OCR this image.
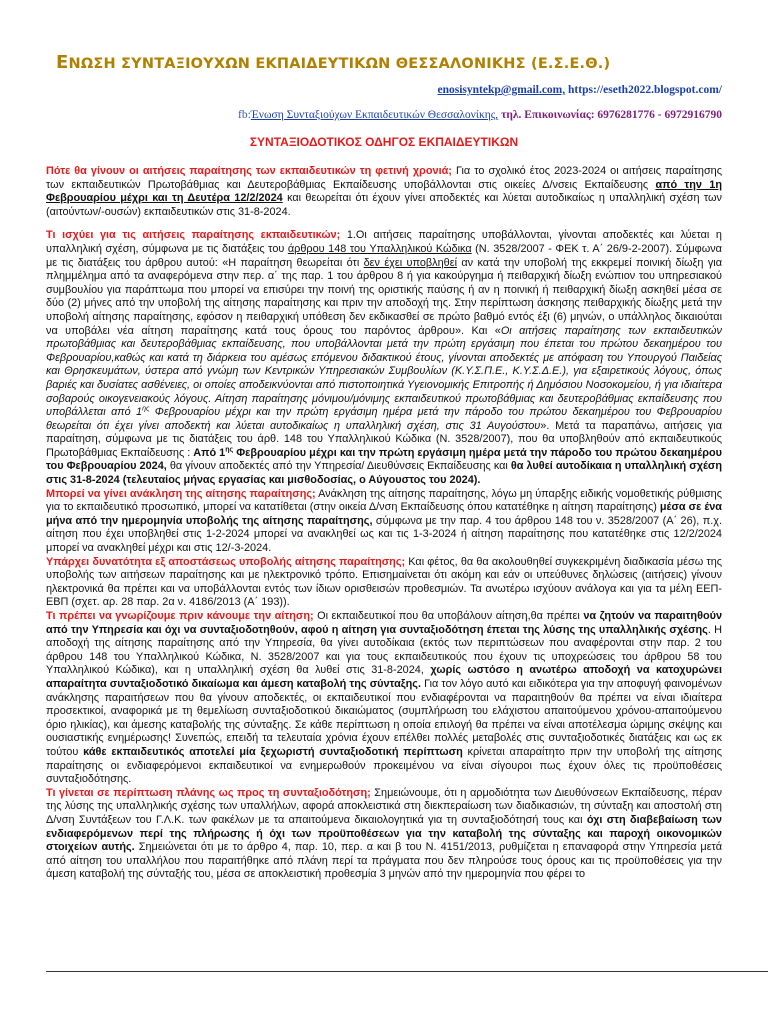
ΕΝΩΣΗ ΣΥΝΤΑΞΙΟΥΧΩΝ ΕΚΠΑΙΔΕΥΤΙΚΩΝ ΘΕΣΣΑΛΟΝΙΚΗΣ (Ε.Σ.Ε.Θ.)
enosisyntekp@gmail.com, https://eseth2022.blogspot.com/
fb:Ένωση Συνταξιούχων Εκπαιδευτικών Θεσσαλονίκης, τηλ. Επικοινωνίας: 6976281776 - 6972916790
ΣΥΝΤΑΞΙΟΔΟΤΙΚΟΣ ΟΔΗΓΟΣ ΕΚΠΑΙΔΕΥΤΙΚΩΝ

Πότε θα γίνουν οι αιτήσεις παραίτησης των εκπαιδευτικών τη φετινή χρονιά; Για το σχολικό έτος 2023-2024 οι αιτήσεις παραίτησης των εκπαιδευτικών Πρωτοβάθμιας και Δευτεροβάθμιας Εκπαίδευσης υποβάλλονται στις οικείες Δ/νσεις Εκπαίδευσης από την 1η Φεβρουαρίου μέχρι και τη Δευτέρα 12/2/2024 και θεωρείται ότι έχουν γίνει αποδεκτές και λύεται αυτοδικαίως η υπαλληλική σχέση των (αιτούντων/-ουσών) εκπαιδευτικών στις 31-8-2024.

Τι ισχύει για τις αιτήσεις παραίτησης εκπαιδευτικών; 1.Οι αιτήσεις παραίτησης υποβάλλονται, γίνονται αποδεκτές και λύεται η υπαλληλική σχέση, σύμφωνα με τις διατάξεις του άρθρου 148 του Υπαλληλικού Κώδικα (Ν. 3528/2007 - ΦΕΚ τ. Α΄ 26/9-2-2007). Σύμφωνα με τις διατάξεις του άρθρου αυτού: «Η παραίτηση θεωρείται ότι δεν έχει υποβληθεί αν κατά την υποβολή της εκκρεμεί ποινική δίωξη για πλημμέλημα από τα αναφερόμενα στην περ. α΄ της παρ. 1 του άρθρου 8 ή για κακούργημα ή πειθαρχική δίωξη ενώπιον του υπηρεσιακού συμβουλίου για παράπτωμα που μπορεί να επισύρει την ποινή της οριστικής παύσης ή αν η ποινική ή πειθαρχική δίωξη ασκηθεί μέσα σε δύο (2) μήνες από την υποβολή της αίτησης παραίτησης και πριν την αποδοχή της. Στην περίπτωση άσκησης πειθαρχικής δίωξης μετά την υποβολή αίτησης παραίτησης, εφόσον η πειθαρχική υπόθεση δεν εκδικασθεί σε πρώτο βαθμό εντός έξι (6) μηνών, ο υπάλληλος δικαιούται να υποβάλει νέα αίτηση παραίτησης κατά τους όρους του παρόντος άρθρου». Και «Οι αιτήσεις παραίτησης των εκπαιδευτικών πρωτοβάθμιας και δευτεροβάθμιας εκπαίδευσης, που υποβάλλονται μετά την πρώτη εργάσιμη που έπεται του πρώτου δεκαημέρου του Φεβρουαρίου,καθώς και κατά τη διάρκεια του αμέσως επόμενου διδακτικού έτους, γίνονται αποδεκτές με απόφαση του Υπουργού Παιδείας και Θρησκευμάτων, ύστερα από γνώμη των Κεντρικών Υπηρεσιακών Συμβουλίων (Κ.Υ.Σ.Π.Ε., Κ.Υ.Σ.Δ.Ε.), για εξαιρετικούς λόγους, όπως βαριές και δυσίατες ασθένειες, οι οποίες αποδεικνύονται από πιστοποιητικά Υγειονομικής Επιτροπής ή Δημόσιου Νοσοκομείου, ή για ιδιαίτερα σοβαρούς οικογενειακούς λόγους. Αίτηση παραίτησης μόνιμου/μόνιμης εκπαιδευτικού πρωτοβάθμιας και δευτεροβάθμιας εκπαίδευσης που υποβάλλεται από $1^{\eta\varsigma}$ Φεβρουαρίου μέχρι και την πρώτη εργάσιμη ημέρα μετά την πάροδο του πρώτου δεκαημέρου του Φεβρουαρίου θεωρείται ότι έχει γίνει αποδεκτή και λύεται αυτοδικαίως η υπαλληλική σχέση, στις 31 Αυγούστου». Μετά τα παραπάνω, αιτήσεις για παραίτηση, σύμφωνα με τις διατάξεις του άρθ. 148 του Υπαλληλικού Κώδικα (Ν. 3528/2007), που θα υποβληθούν από εκπαιδευτικούς Πρωτοβάθμιας Εκπαίδευσης : Από $1^{\eta\varsigma}$ Φεβρουαρίου μέχρι και την πρώτη εργάσιμη ημέρα μετά την πάροδο του πρώτου δεκαημέρου του Φεβρουαρίου 2024, θα γίνουν αποδεκτές από την Υπηρεσία/ Διευθύνσεις Εκπαίδευσης και θα λυθεί αυτοδίκαια η υπαλληλική σχέση στις 31-8-2024 (τελευταίος μήνας εργασίας και μισθοδοσίας, ο Αύγουστος του 2024).

Μπορεί να γίνει ανάκληση της αίτησης παραίτησης; Ανάκληση της αίτησης παραίτησης, λόγω μη ύπαρξης ειδικής νομοθετικής ρύθμισης για το εκπαιδευτικό προσωπικό, μπορεί να κατατίθεται (στην οικεία Δ/νση Εκπαίδευσης όπου κατατέθηκε η αίτηση παραίτησης) μέσα σε ένα μήνα από την ημερομηνία υποβολής της αίτησης παραίτησης, σύμφωνα με την παρ. 4 του άρθρου 148 του ν. 3528/2007 (Α΄ 26), π.χ. αίτηση που έχει υποβληθεί στις 1-2-2024 μπορεί να ανακληθεί ως και τις 1-3-2024 ή αίτηση παραίτησης που κατατέθηκε στις 12/2/2024 μπορεί να ανακληθεί μέχρι και στις 12/-3-2024.

Υπάρχει δυνατότητα εξ αποστάσεως υποβολής αίτησης παραίτησης; Και φέτος, θα θα ακολουθηθεί συγκεκριμένη διαδικασία μέσω της υποβολής των αιτήσεων παραίτησης και με ηλεκτρονικό τρόπο. Επισημαίνεται ότι ακόμη και εάν οι υπεύθυνες δηλώσεις (αιτήσεις) γίνουν ηλεκτρονικά θα πρέπει και να υποβάλλονται εντός των ίδιων ορισθεισών προθεσμιών. Τα ανωτέρω ισχύουν ανάλογα και για τα μέλη ΕΕΠ-ΕΒΠ (σχετ. αρ. 28 παρ. 2α ν. 4186/2013 (Α΄ 193)).

Τι πρέπει να γνωρίζουμε πριν κάνουμε την αίτηση; Οι εκπαιδευτικοί που θα υποβάλουν αίτηση,θα πρέπει να ζητούν να παραιτηθούν από την Υπηρεσία και όχι να συνταξιοδοτηθούν, αφού η αίτηση για συνταξιοδότηση έπεται της λύσης της υπαλληλικής σχέσης. Η αποδοχή της αίτησης παραίτησης από την Υπηρεσία, θα γίνει αυτοδίκαια (εκτός των περιπτώσεων που αναφέρονται στην παρ. 2 του άρθρου 148 του Υπαλληλικού Κώδικα, Ν. 3528/2007 και για τους εκπαιδευτικούς που έχουν τις υποχρεώσεις του άρθρου 58 του Υπαλληλικού Κώδικα), και η υπαλληλική σχέση θα λυθεί στις 31-8-2024, χωρίς ωστόσο η ανωτέρω αποδοχή να κατοχυρώνει απαραίτητα συνταξιοδοτικό δικαίωμα και άμεση καταβολή της σύνταξης. Για τον λόγο αυτό και ειδικότερα για την αποφυγή φαινομένων ανάκλησης παραιτήσεων που θα γίνουν αποδεκτές, οι εκπαιδευτικοί που ενδιαφέρονται να παραιτηθούν θα πρέπει να είναι ιδιαίτερα προσεκτικοί, αναφορικά με τη θεμελίωση συνταξιοδοτικού δικαιώματος (συμπλήρωση του ελάχιστου απαιτούμενου χρόνου-απαιτούμενου όριο ηλικίας), και άμεσης καταβολής της σύνταξης. Σε κάθε περίπτωση η οποία επιλογή θα πρέπει να είναι αποτέλεσμα ώριμης σκέψης και ουσιαστικής ενημέρωσης! Συνεπώς, επειδή τα τελευταία χρόνια έχουν επέλθει πολλές μεταβολές στις συνταξιοδοτικές διατάξεις και ως εκ τούτου κάθε εκπαιδευτικός αποτελεί μία ξεχωριστή συνταξιοδοτική περίπτωση κρίνεται απαραίτητο πριν την υποβολή της αίτησης παραίτησης οι ενδιαφερόμενοι εκπαιδευτικοί να ενημερωθούν προκειμένου να είναι σίγουροι πως έχουν όλες τις προϋποθέσεις συνταξιοδότησης.

Τι γίνεται σε περίπτωση πλάνης ως προς τη συνταξιοδότηση; Σημειώνουμε, ότι η αρμοδιότητα των Διευθύνσεων Εκπαίδευσης, πέραν της λύσης της υπαλληλικής σχέσης των υπαλλήλων, αφορά αποκλειστικά στη διεκπεραίωση των διαδικασιών, τη σύνταξη και αποστολή στη Δ/νση Συντάξεων του Γ.Λ.Κ. των φακέλων με τα απαιτούμενα δικαιολογητικά για τη συνταξιοδότησή τους και όχι στη διαβεβαίωση των ενδιαφερόμενων περί της πλήρωσης ή όχι των προϋποθέσεων για την καταβολή της σύνταξης και παροχή οικονομικών στοιχείων αυτής. Σημειώνεται ότι με το άρθρο 4, παρ. 10, περ. α και β του Ν. 4151/2013, ρυθμίζεται η επαναφορά στην Υπηρεσία μετά από αίτηση του υπαλλήλου που παραιτήθηκε από πλάνη περί τα πράγματα που δεν πληρούσε τους όρους και τις προϋποθέσεις για την άμεση καταβολή της σύνταξής του, μέσα σε αποκλειστική προθεσμία 3 μηνών από την ημερομηνία που φέρει το
